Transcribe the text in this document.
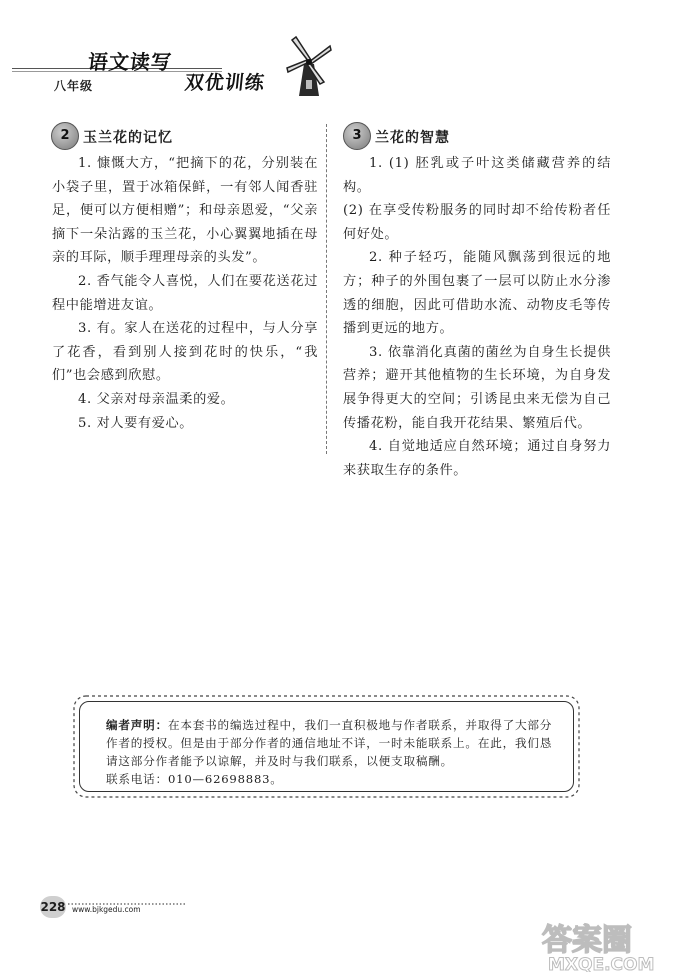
语文读写
双优训练
八年级
2 玉兰花的记忆	3 兰花的智慧

1. 慷慨大方，“把摘下的花，分别装在小袋子里，置于冰箱保鲜，一有邻人闻香驻足，便可以方便相赠”；和母亲恩爱，“父亲摘下一朵沾露的玉兰花，小心翼翼地插在母亲的耳际，顺手理理母亲的头发”。

2. 香气能令人喜悦，人们在要花送花过程中能增进友谊。

3. 有。家人在送花的过程中，与人分享了花香，看到别人接到花时的快乐，“我们”也会感到欣慰。

4. 父亲对母亲温柔的爱。

5. 对人要有爱心。

1. (1) 胚乳或子叶这类储藏营养的结构。

(2) 在享受传粉服务的同时却不给传粉者任何好处。

2. 种子轻巧，能随风飘荡到很远的地方；种子的外围包裹了一层可以防止水分渗透的细胞，因此可借助水流、动物皮毛等传播到更远的地方。

3. 依靠消化真菌的菌丝为自身生长提供营养；避开其他植物的生长环境，为自身发展争得更大的空间；引诱昆虫来无偿为自己传播花粉，能自我开花结果、繁殖后代。

4. 自觉地适应自然环境；通过自身努力来获取生存的条件。

编者声明：在本套书的编选过程中，我们一直积极地与作者联系，并取得了大部分作者的授权。但是由于部分作者的通信地址不详，一时未能联系上。在此，我们恳请这部分作者能予以谅解，并及时与我们联系，以便支取稿酬。
联系电话：010—62698883。
228 www.bjkgedu.com
答案圈
MXQE.COM
